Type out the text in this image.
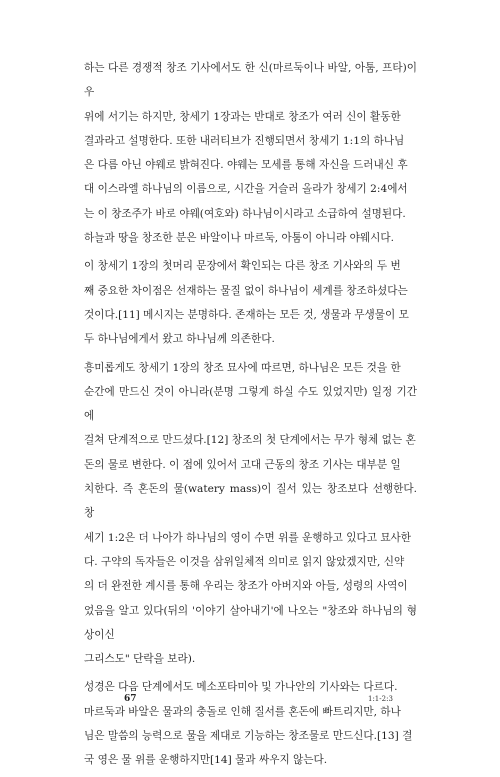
하는 다른 경쟁적 창조 기사에서도 한 신(마르둑이나 바알, 아툼, 프타)이 우
위에 서기는 하지만, 창세기 1장과는 반대로 창조가 여러 신이 활동한
결과라고 설명한다. 또한 내러티브가 진행되면서 창세기 1:1의 하나님
은 다름 아닌 야웨로 밝혀진다. 야웨는 모세를 통해 자신을 드러내신 후
대 이스라엘 하나님의 이름으로, 시간을 거슬러 올라가 창세기 2:4에서
는 이 창조주가 바로 야웨(여호와) 하나님이시라고 소급하여 설명된다.
하늘과 땅을 창조한 분은 바알이나 마르둑, 아툼이 아니라 야웨시다.

이 창세기 1장의 첫머리 문장에서 확인되는 다른 창조 기사와의 두 번
째 중요한 차이점은 선재하는 물질 없이 하나님이 세계를 창조하셨다는
것이다.[11] 메시지는 분명하다. 존재하는 모든 것, 생물과 무생물이 모
두 하나님에게서 왔고 하나님께 의존한다.

흥미롭게도 창세기 1장의 창조 묘사에 따르면, 하나님은 모든 것을 한
순간에 만드신 것이 아니라(분명 그렇게 하실 수도 있었지만) 일정 기간에
걸쳐 단계적으로 만드셨다.[12] 창조의 첫 단계에서는 무가 형체 없는 혼
돈의 물로 변한다. 이 점에 있어서 고대 근동의 창조 기사는 대부분 일
치한다. 즉 혼돈의 물(watery mass)이 질서 있는 창조보다 선행한다. 창
세기 1:2은 더 나아가 하나님의 영이 수면 위를 운행하고 있다고 묘사한
다. 구약의 독자들은 이것을 삼위일체적 의미로 읽지 않았겠지만, 신약
의 더 완전한 계시를 통해 우리는 창조가 아버지와 아들, 성령의 사역이
었음을 알고 있다(뒤의 '이야기 살아내기'에 나오는 "창조와 하나님의 형상이신
그리스도" 단락을 보라).

성경은 다음 단계에서도 메소포타미아 및 가나안의 기사와는 다르다.
마르둑과 바알은 물과의 충돌로 인해 질서를 혼돈에 빠트리지만, 하나
님은 말씀의 능력으로 물을 제대로 기능하는 창조물로 만드신다.[13] 결
국 영은 물 위를 운행하지만[14] 물과 싸우지 않는다.

67	1:1-2:3
